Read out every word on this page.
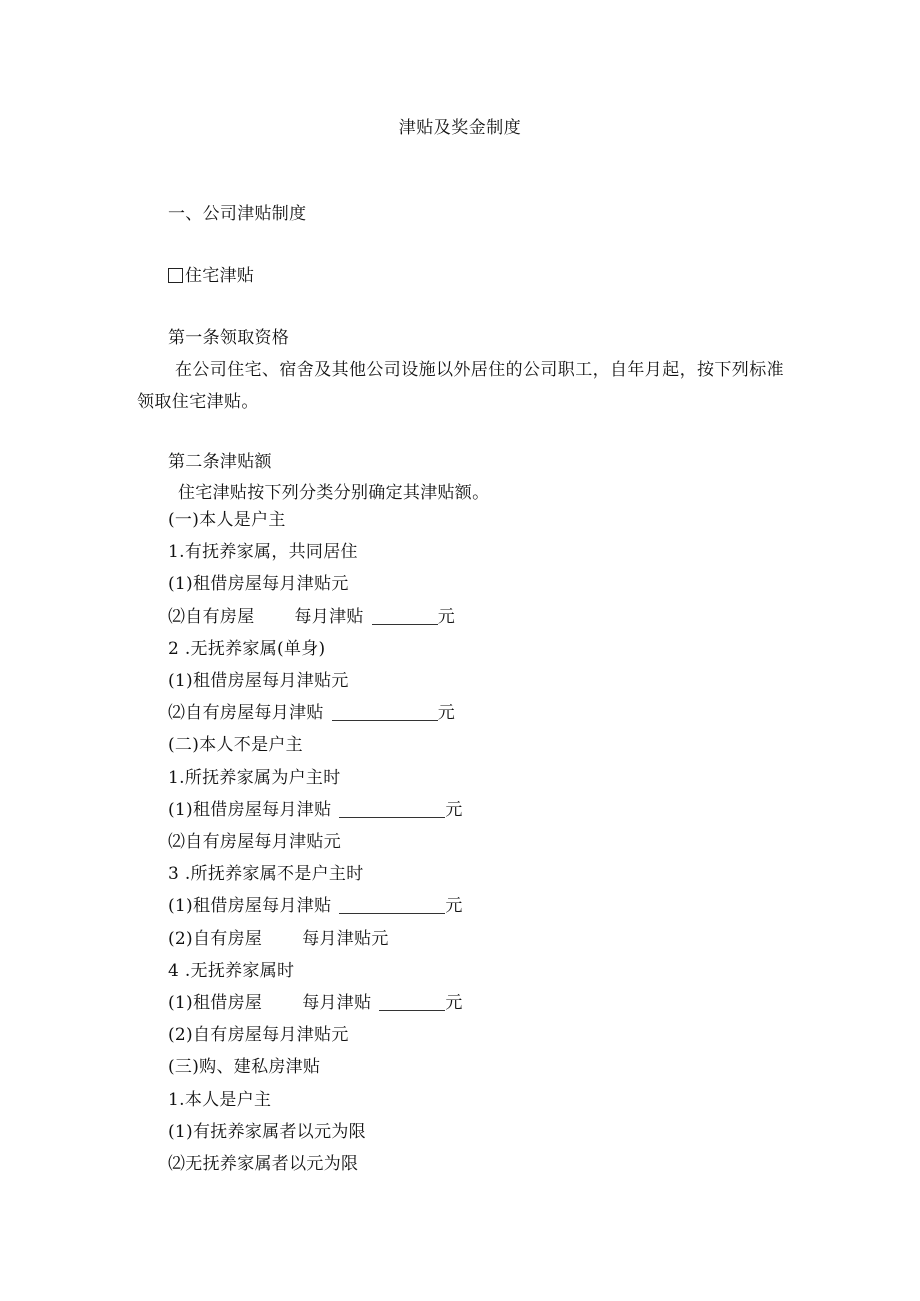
津贴及奖金制度
一、公司津贴制度
住宅津贴
第一条领取资格
在公司住宅、宿舍及其他公司设施以外居住的公司职工，自年月起，按下列标准领取住宅津贴。
第二条津贴额
住宅津贴按下列分类分别确定其津贴额。
(一)本人是户主
1.有抚养家属，共同居住
(1)租借房屋每月津贴元
⑵自有房屋 每月津贴	元
2 .无抚养家属(单身)
(1)租借房屋每月津贴元
⑵自有房屋每月津贴	元
(二)本人不是户主
1.所抚养家属为户主时
(1)租借房屋每月津贴	元
⑵自有房屋每月津贴元
3 .所抚养家属不是户主时
(1)租借房屋每月津贴	元
(2)自有房屋 每月津贴元
4 .无抚养家属时
(1)租借房屋 每月津贴	元
(2)自有房屋每月津贴元
(三)购、建私房津贴
1.本人是户主
(1)有抚养家属者以元为限
⑵无抚养家属者以元为限
